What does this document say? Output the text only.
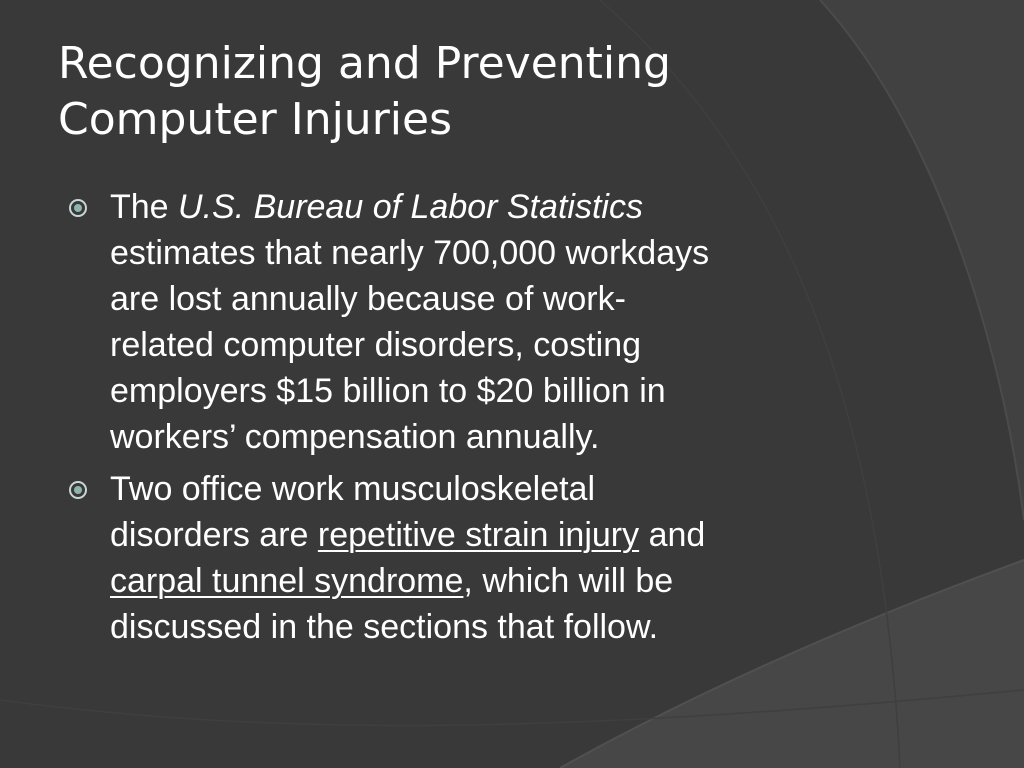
Recognizing and Preventing
Computer Injuries
The U.S. Bureau of Labor Statistics
estimates that nearly 700,000 workdays
are lost annually because of work-
related computer disorders, costing
employers $15 billion to $20 billion in
workers’ compensation annually.
Two office work musculoskeletal
disorders are repetitive strain injury and
carpal tunnel syndrome, which will be
discussed in the sections that follow.
